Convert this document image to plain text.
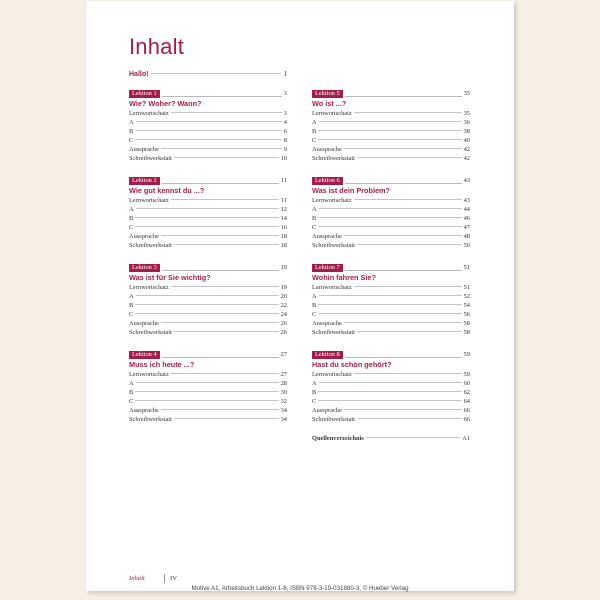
Inhalt
Hallo!	1
Lektion 1	3
Wie? Woher? Wann?
Lernwortschatz	3
A	4
B	6
C	8
Aussprache	9
Schreibwerkstatt	10
Lektion 2	11
Wie gut kennst du ...?
Lernwortschatz	11
A	12
B	14
C	16
Aussprache	18
Schreibwerkstatt	18
Lektion 3	19
Was ist für Sie wichtig?
Lernwortschatz	19
A	20
B	22
C	24
Aussprache	26
Schreibwerkstatt	26
Lektion 4	27
Muss ich heute ...?
Lernwortschatz	27
A	28
B	30
C	32
Aussprache	34
Schreibwerkstatt	34
Lektion 5	35
Wo ist ...?
Lernwortschatz	35
A	36
B	38
C	40
Aussprache	42
Schreibwerkstatt	42
Lektion 6	43
Was ist dein Problem?
Lernwortschatz	43
A	44
B	46
C	47
Aussprache	48
Schreibwerkstatt	50
Lektion 7	51
Wohin fahren Sie?
Lernwortschatz	51
A	52
B	54
C	56
Aussprache	58
Schreibwerkstatt	58
Lektion 8	59
Hast du schon gehört?
Lernwortschatz	59
A	60
B	62
C	64
Aussprache	66
Schreibwerkstatt	66
Quellenverzeichnis	A1
Inhalt	IV
Motive A1, Arbeitsbuch Lektion 1-8, ISBN 978-3-19-031880-3, © Hueber Verlag
